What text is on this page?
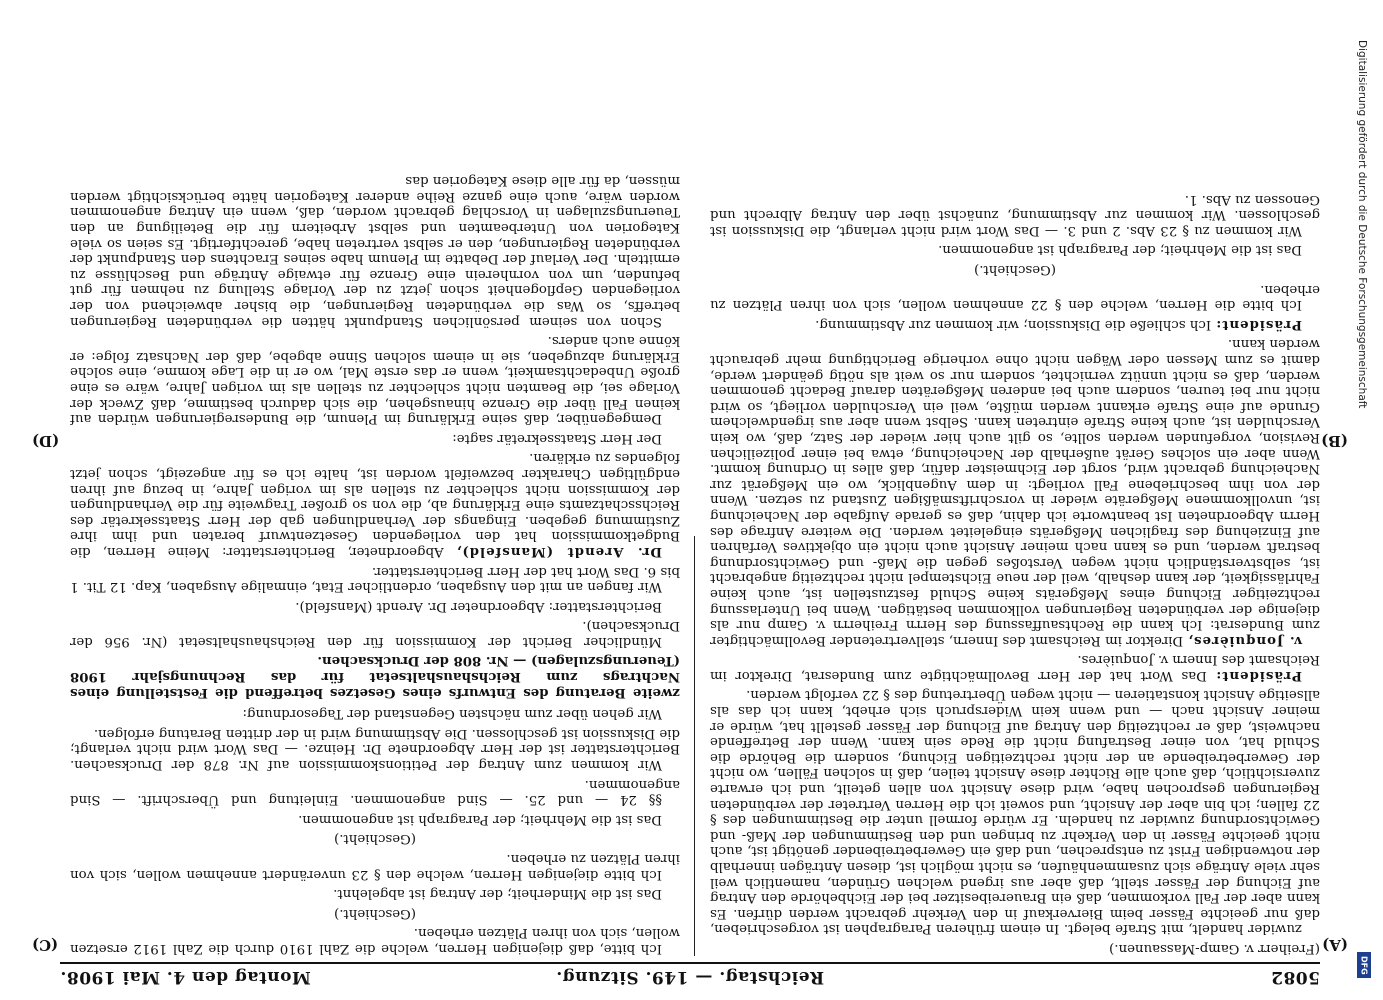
5082
Reichstag. — 149. Sitzung.
Montag den 4. Mai 1908.
(A)
(B)
(C)
(D)

(Freiherr v. Gamp-Massaunen.)

zuwider handelt, mit Strafe belegt. In einem früheren Paragraphen ist vorgeschrieben, daß nur geeichte Fässer beim Bierverkauf in den Verkehr gebracht werden dürfen. Es kann aber der Fall vorkommen, daß ein Brauereibesitzer bei der Eichbehörde den Antrag auf Eichung der Fässer stellt, daß aber aus irgend welchen Gründen, namentlich weil sehr viele Anträge sich zusammenhäufen, es nicht möglich ist, diesen Anträgen innerhalb der notwendigen Frist zu entsprechen, und daß ein Gewerbetreibender genötigt ist, auch nicht geeichte Fässer in den Verkehr zu bringen und den Bestimmungen der Maß- und Gewichtsordnung zuwider zu handeln. Er würde formell unter die Bestimmungen des § 22 fallen; ich bin aber der Ansicht, und soweit ich die Herren Vertreter der verbündeten Regierungen gesprochen habe, wird diese Ansicht von allen geteilt, und ich erwarte zuversichtlich, daß auch alle Richter diese Ansicht teilen, daß in solchen Fällen, wo nicht der Gewerbetreibende an der nicht rechtzeitigen Eichung, sondern die Behörde die Schuld hat, von einer Bestrafung nicht die Rede sein kann. Wenn der Betreffende nachweist, daß er rechtzeitig den Antrag auf Eichung der Fässer gestellt hat, würde er meiner Ansicht nach — und wenn kein Widerspruch sich erhebt, kann ich das als allseitige Ansicht konstatieren — nicht wegen Übertretung des § 22 verfolgt werden.

Präsident: Das Wort hat der Herr Bevollmächtigte zum Bundesrat, Direktor im Reichsamt des Innern v. Jonquières.

v. Jonquières, Direktor im Reichsamt des Innern, stellvertretender Bevollmächtigter zum Bundesrat: Ich kann die Rechtsauffassung des Herrn Freiherrn v. Gamp nur als diejenige der verbündeten Regierungen vollkommen bestätigen. Wenn bei Unterlassung rechtzeitiger Eichung eines Meßgeräts keine Schuld festzustellen ist, auch keine Fahrlässigkeit, der kann deshalb, weil der neue Eichstempel nicht rechtzeitig angebracht ist, selbstverständlich nicht wegen Verstoßes gegen die Maß- und Gewichtsordnung bestraft werden, und es kann nach meiner Ansicht auch nicht ein objektives Verfahren auf Einziehung des fraglichen Meßgeräts eingeleitet werden. Die weitere Anfrage des Herrn Abgeordneten Ist beantworte ich dahin, daß es gerade Aufgabe der Nacheichung ist, unvollkommene Meßgeräte wieder in vorschriftsmäßigen Zustand zu setzen. Wenn der von ihm beschriebene Fall vorliegt: in dem Augenblick, wo ein Meßgerät zur Nacheichung gebracht wird, sorgt der Eichmeister dafür, daß alles in Ordnung kommt. Wenn aber ein solches Gerät außerhalb der Nacheichung, etwa bei einer polizeilichen Revision, vorgefunden werden sollte, so gilt auch hier wieder der Satz, daß, wo kein Verschulden ist, auch keine Strafe eintreten kann. Selbst wenn aber aus irgendwelchem Grunde auf eine Strafe erkannt werden müßte, weil ein Verschulden vorliegt, so wird nicht nur bei teuren, sondern auch bei anderen Meßgeräten darauf Bedacht genommen werden, daß es nicht unnütz vernichtet, sondern nur so weit als nötig geändert werde, damit es zum Messen oder Wägen nicht ohne vorherige Berichtigung mehr gebraucht werden kann.

Präsident: Ich schließe die Diskussion; wir kommen zur Abstimmung.

Ich bitte die Herren, welche den § 22 annehmen wollen, sich von ihren Plätzen zu erheben.

(Geschieht.)

Das ist die Mehrheit; der Paragraph ist angenommen.

Wir kommen zu § 23 Abs. 2 und 3. — Das Wort wird nicht verlangt, die Diskussion ist geschlossen. Wir kommen zur Abstimmung, zunächst über den Antrag Albrecht und Genossen zu Abs. 1.

Ich bitte, daß diejenigen Herren, welche die Zahl 1910 durch die Zahl 1912 ersetzen wollen, sich von ihren Plätzen erheben.

(Geschieht.)

Das ist die Minderheit; der Antrag ist abgelehnt.

Ich bitte diejenigen Herren, welche den § 23 unverändert annehmen wollen, sich von ihren Plätzen zu erheben.

(Geschieht.)

Das ist die Mehrheit; der Paragraph ist angenommen.

§§ 24 — und 25. — Sind angenommen. Einleitung und Überschrift. — Sind angenommen.

Wir kommen zum Antrag der Petitionskommission auf Nr. 878 der Drucksachen. Berichterstatter ist der Herr Abgeordnete Dr. Heinze. — Das Wort wird nicht verlangt; die Diskussion ist geschlossen. Die Abstimmung wird in der dritten Beratung erfolgen.

Wir gehen über zum nächsten Gegenstand der Tagesordnung:

zweite Beratung des Entwurfs eines Gesetzes betreffend die Feststellung eines Nachtrags zum Reichshaushaltsetat für das Rechnungsjahr 1908 (Teuerungszulagen) — Nr. 808 der Drucksachen.

Mündlicher Bericht der Kommission für den Reichshaushaltsetat (Nr. 956 der Drucksachen).

Berichterstatter: Abgeordneter Dr. Arendt (Mansfeld).

Wir fangen an mit den Ausgaben, ordentlicher Etat, einmalige Ausgaben, Kap. 12 Tit. 1 bis 6. Das Wort hat der Herr Berichterstatter.

Dr. Arendt (Mansfeld), Abgeordneter, Berichterstatter: Meine Herren, die Budgetkommission hat den vorliegenden Gesetzentwurf beraten und ihm ihre Zustimmung gegeben. Eingangs der Verhandlungen gab der Herr Staatssekretär des Reichsschatzamts eine Erklärung ab, die von so großer Tragweite für die Verhandlungen der Kommission nicht schlechter zu stellen als im vorigen Jahre, in bezug auf ihren endgültigen Charakter bezweifelt worden ist, halte ich es für angezeigt, schon jetzt folgendes zu erklären.

Der Herr Staatssekretär sagte:

Demgegenüber, daß seine Erklärung im Plenum, die Bundesregierungen würden auf keinen Fall über die Grenze hinausgehen, die sich dadurch bestimme, daß Zweck der Vorlage sei, die Beamten nicht schlechter zu stellen als im vorigen Jahre, wäre es eine große Unbedachtsamkeit, wenn er das erste Mal, wo er in die Lage komme, eine solche Erklärung abzugeben, sie in einem solchen Sinne abgebe, daß der Nachsatz folge: er könne auch anders.

Schon von seinem persönlichen Standpunkt hätten die verbündeten Regierungen betreffs, so Was die verbündeten Regierungen, die bisher abweichend von der vorliegenden Gepflogenheit schon jetzt zu der Vorlage Stellung zu nehmen für gut befunden, um von vornherein eine Grenze für etwaige Anträge und Beschlüsse zu ermitteln. Der Verlauf der Debatte im Plenum habe seines Erachtens den Standpunkt der verbündeten Regierungen, den er selbst vertreten habe, gerechtfertigt. Es seien so viele Kategorien von Unterbeamten und selbst Arbeitern für die Beteiligung an den Teuerungszulagen in Vorschlag gebracht worden, daß, wenn ein Antrag angenommen worden wäre, auch eine ganze Reihe anderer Kategorien hätte berücksichtigt werden müssen, da für alle diese Kategorien das	Digitalisierung gefördert durch die Deutsche Forschungsgemeinschaft
DFG
